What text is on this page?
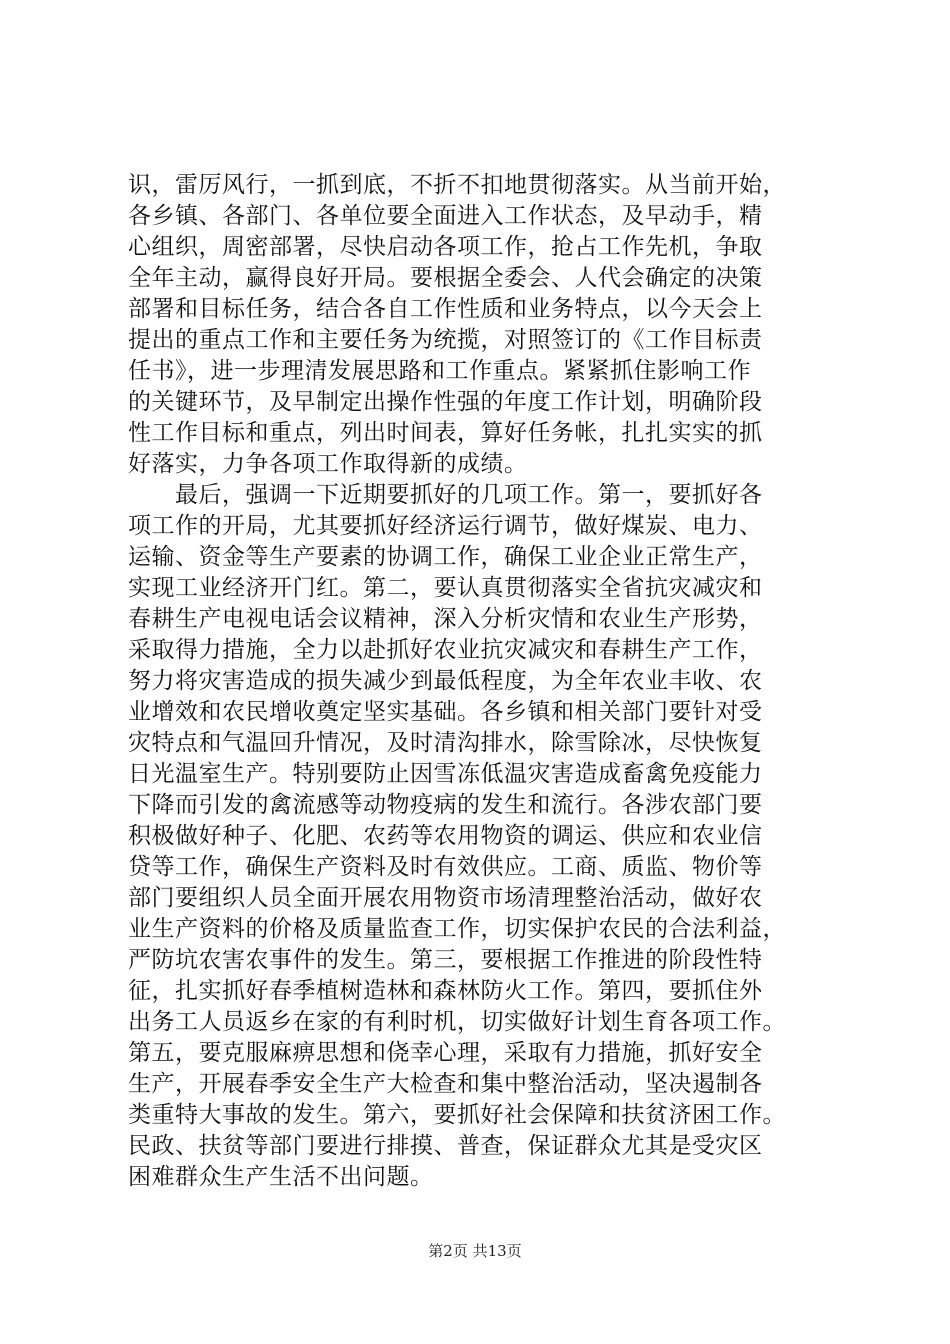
识，雷厉风行，一抓到底，不折不扣地贯彻落实。从当前开始，
各乡镇、各部门、各单位要全面进入工作状态，及早动手，精
心组织，周密部署，尽快启动各项工作，抢占工作先机，争取
全年主动，赢得良好开局。要根据全委会、人代会确定的决策
部署和目标任务，结合各自工作性质和业务特点，以今天会上
提出的重点工作和主要任务为统揽，对照签订的《工作目标责
任书》，进一步理清发展思路和工作重点。紧紧抓住影响工作
的关键环节，及早制定出操作性强的年度工作计划，明确阶段
性工作目标和重点，列出时间表，算好任务帐，扎扎实实的抓
好落实，力争各项工作取得新的成绩。
　　最后，强调一下近期要抓好的几项工作。第一，要抓好各
项工作的开局，尤其要抓好经济运行调节，做好煤炭、电力、
运输、资金等生产要素的协调工作，确保工业企业正常生产，
实现工业经济开门红。第二，要认真贯彻落实全省抗灾减灾和
春耕生产电视电话会议精神，深入分析灾情和农业生产形势，
采取得力措施，全力以赴抓好农业抗灾减灾和春耕生产工作，
努力将灾害造成的损失减少到最低程度，为全年农业丰收、农
业增效和农民增收奠定坚实基础。各乡镇和相关部门要针对受
灾特点和气温回升情况，及时清沟排水，除雪除冰，尽快恢复
日光温室生产。特别要防止因雪冻低温灾害造成畜禽免疫能力
下降而引发的禽流感等动物疫病的发生和流行。各涉农部门要
积极做好种子、化肥、农药等农用物资的调运、供应和农业信
贷等工作，确保生产资料及时有效供应。工商、质监、物价等
部门要组织人员全面开展农用物资市场清理整治活动，做好农
业生产资料的价格及质量监查工作，切实保护农民的合法利益，
严防坑农害农事件的发生。第三，要根据工作推进的阶段性特
征，扎实抓好春季植树造林和森林防火工作。第四，要抓住外
出务工人员返乡在家的有利时机，切实做好计划生育各项工作。
第五，要克服麻痹思想和侥幸心理，采取有力措施，抓好安全
生产，开展春季安全生产大检查和集中整治活动，坚决遏制各
类重特大事故的发生。第六，要抓好社会保障和扶贫济困工作。
民政、扶贫等部门要进行排摸、普查，保证群众尤其是受灾区
困难群众生产生活不出问题。
第2页 共13页
